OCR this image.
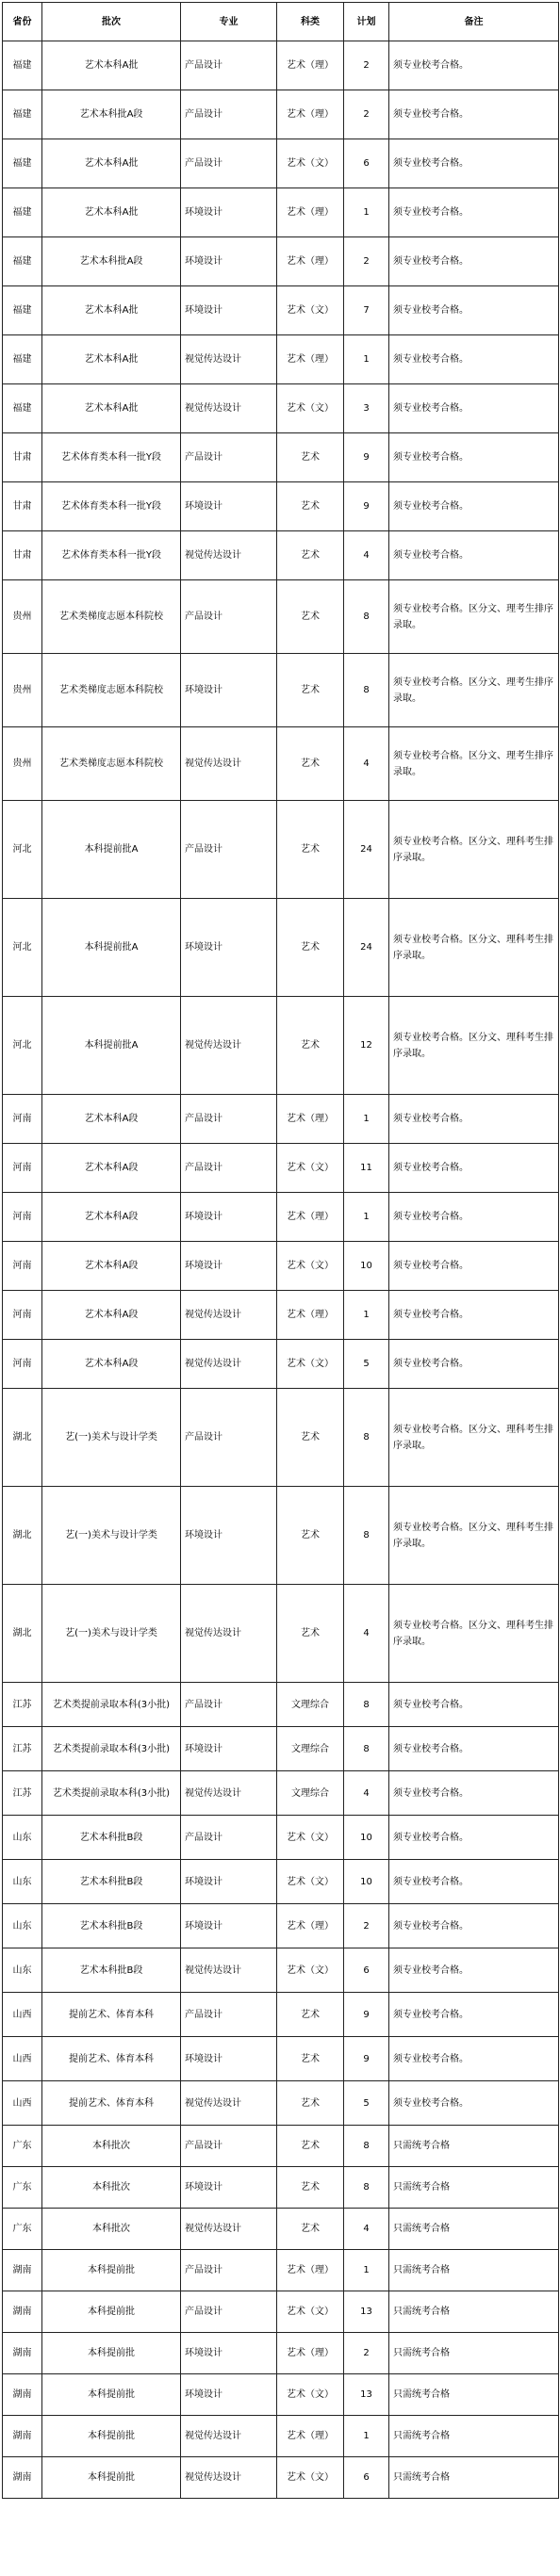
省份	批次	专业	科类	计划	备注
福建	艺术本科A批	产品设计	艺术（理）	2	须专业校考合格。
福建	艺术本科批A段	产品设计	艺术（理）	2	须专业校考合格。
福建	艺术本科A批	产品设计	艺术（文）	6	须专业校考合格。
福建	艺术本科A批	环境设计	艺术（理）	1	须专业校考合格。
福建	艺术本科批A段	环境设计	艺术（理）	2	须专业校考合格。
福建	艺术本科A批	环境设计	艺术（文）	7	须专业校考合格。
福建	艺术本科A批	视觉传达设计	艺术（理）	1	须专业校考合格。
福建	艺术本科A批	视觉传达设计	艺术（文）	3	须专业校考合格。
甘肃	艺术体育类本科一批Y段	产品设计	艺术	9	须专业校考合格。
甘肃	艺术体育类本科一批Y段	环境设计	艺术	9	须专业校考合格。
甘肃	艺术体育类本科一批Y段	视觉传达设计	艺术	4	须专业校考合格。
贵州	艺术类梯度志愿本科院校	产品设计	艺术	8	须专业校考合格。区分文、理考生排序录取。
贵州	艺术类梯度志愿本科院校	环境设计	艺术	8	须专业校考合格。区分文、理考生排序录取。
贵州	艺术类梯度志愿本科院校	视觉传达设计	艺术	4	须专业校考合格。区分文、理考生排序录取。
河北	本科提前批A	产品设计	艺术	24	须专业校考合格。区分文、理科考生排序录取。
河北	本科提前批A	环境设计	艺术	24	须专业校考合格。区分文、理科考生排序录取。
河北	本科提前批A	视觉传达设计	艺术	12	须专业校考合格。区分文、理科考生排序录取。
河南	艺术本科A段	产品设计	艺术（理）	1	须专业校考合格。
河南	艺术本科A段	产品设计	艺术（文）	11	须专业校考合格。
河南	艺术本科A段	环境设计	艺术（理）	1	须专业校考合格。
河南	艺术本科A段	环境设计	艺术（文）	10	须专业校考合格。
河南	艺术本科A段	视觉传达设计	艺术（理）	1	须专业校考合格。
河南	艺术本科A段	视觉传达设计	艺术（文）	5	须专业校考合格。
湖北	艺(一)美术与设计学类	产品设计	艺术	8	须专业校考合格。区分文、理科考生排序录取。
湖北	艺(一)美术与设计学类	环境设计	艺术	8	须专业校考合格。区分文、理科考生排序录取。
湖北	艺(一)美术与设计学类	视觉传达设计	艺术	4	须专业校考合格。区分文、理科考生排序录取。
江苏	艺术类提前录取本科(3小批)	产品设计	文理综合	8	须专业校考合格。
江苏	艺术类提前录取本科(3小批)	环境设计	文理综合	8	须专业校考合格。
江苏	艺术类提前录取本科(3小批)	视觉传达设计	文理综合	4	须专业校考合格。
山东	艺术本科批B段	产品设计	艺术（文）	10	须专业校考合格。
山东	艺术本科批B段	环境设计	艺术（文）	10	须专业校考合格。
山东	艺术本科批B段	环境设计	艺术（理）	2	须专业校考合格。
山东	艺术本科批B段	视觉传达设计	艺术（文）	6	须专业校考合格。
山西	提前艺术、体育本科	产品设计	艺术	9	须专业校考合格。
山西	提前艺术、体育本科	环境设计	艺术	9	须专业校考合格。
山西	提前艺术、体育本科	视觉传达设计	艺术	5	须专业校考合格。
广东	本科批次	产品设计	艺术	8	只需统考合格
广东	本科批次	环境设计	艺术	8	只需统考合格
广东	本科批次	视觉传达设计	艺术	4	只需统考合格
湖南	本科提前批	产品设计	艺术（理）	1	只需统考合格
湖南	本科提前批	产品设计	艺术（文）	13	只需统考合格
湖南	本科提前批	环境设计	艺术（理）	2	只需统考合格
湖南	本科提前批	环境设计	艺术（文）	13	只需统考合格
湖南	本科提前批	视觉传达设计	艺术（理）	1	只需统考合格
湖南	本科提前批	视觉传达设计	艺术（文）	6	只需统考合格
